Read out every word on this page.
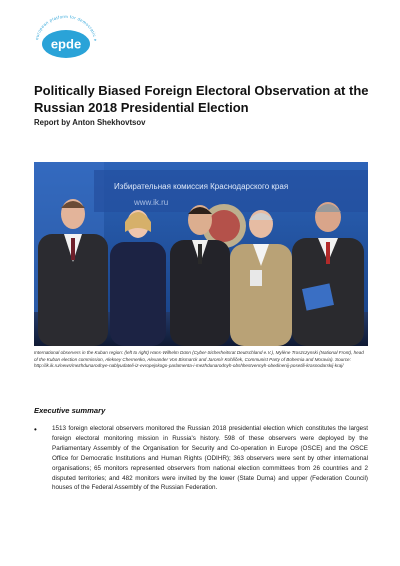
european platform for democratic e
epde
Politically Biased Foreign Electoral Observation at the Russian 2018 Presidential Election

Report by Anton Shekhovtsov

Избирательная комиссия Краснодарского края
www.ik.ru

International observers in the Kuban region: (left to right) Hans-Wilhelm Dünn (Cyber-Sicherheitsrat Deutschland e.V.), Mylène Troszczynski (National Front), head of the Kuban election commission, Aleksey Chernenko, Alexander Von Bismarck and Jaromír Kohlíček, Communist Party of Bohemia and Moravia). Source: http://ik.ik.ru/news/mezhdunarodnye-nablyudateli-iz-evropejskogo-parlamenta-i-mezhdunarodnyh-obshhestvennyh-obedinenij-posetili-krasnodarskij-kraj/

Executive summary
• 1513 foreign electoral observers monitored the Russian 2018 presidential election which constitutes the largest foreign electoral monitoring mission in Russia's history. 598 of these observers were deployed by the Parliamentary Assembly of the Organisation for Security and Co-operation in Europe (OSCE) and the OSCE Office for Democratic Institutions and Human Rights (ODIHR); 363 observers were sent by other international organisations; 65 monitors represented observers from national election committees from 26 countries and 2 disputed territories; and 482 monitors were invited by the lower (State Duma) and upper (Federation Council) houses of the Federal Assembly of the Russian Federation.
